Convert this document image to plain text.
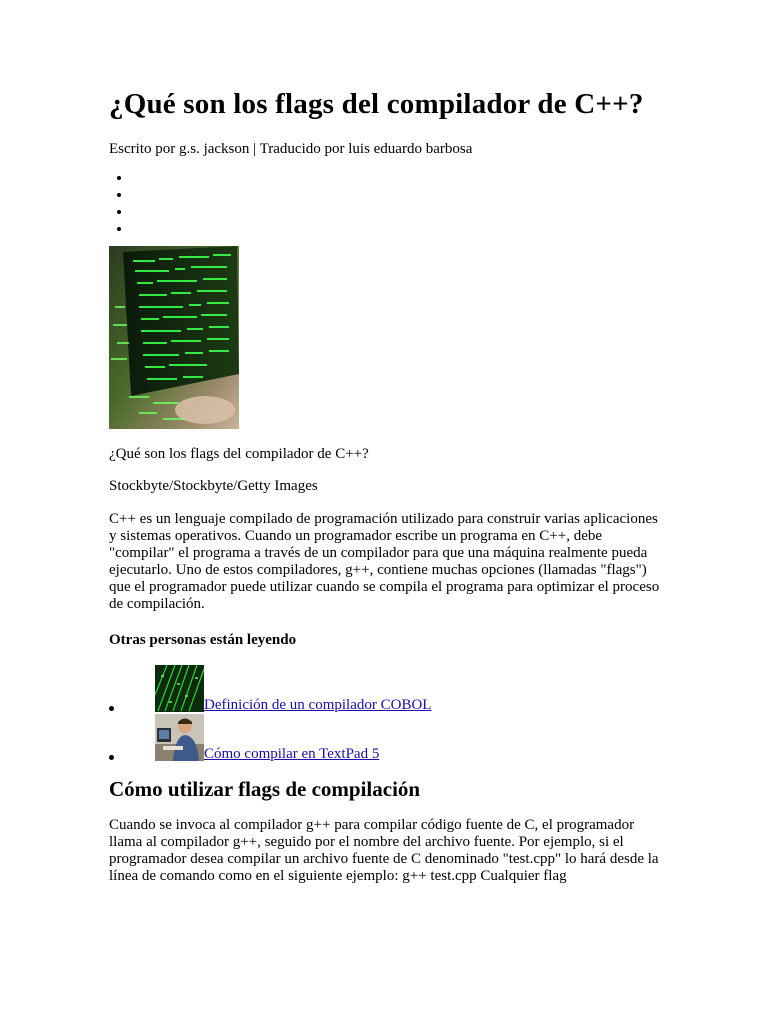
¿Qué son los flags del compilador de C++?

Escrito por g.s. jackson | Traducido por luis eduardo barbosa

•
•
•
•

¿Qué son los flags del compilador de C++?

Stockbyte/Stockbyte/Getty Images

C++ es un lenguaje compilado de programación utilizado para construir varias aplicaciones y sistemas operativos. Cuando un programador escribe un programa en C++, debe "compilar" el programa a través de un compilador para que una máquina realmente pueda ejecutarlo. Uno de estos compiladores, g++, contiene muchas opciones (llamadas "flags") que el programador puede utilizar cuando se compila el programa para optimizar el proceso de compilación.

Otras personas están leyendo
Definición de un compilador COBOL
Cómo compilar en TextPad 5
Cómo utilizar flags de compilación

Cuando se invoca al compilador g++ para compilar código fuente de C, el programador llama al compilador g++, seguido por el nombre del archivo fuente. Por ejemplo, si el programador desea compilar un archivo fuente de C denominado "test.cpp" lo hará desde la línea de comando como en el siguiente ejemplo: g++ test.cpp Cualquier flag
